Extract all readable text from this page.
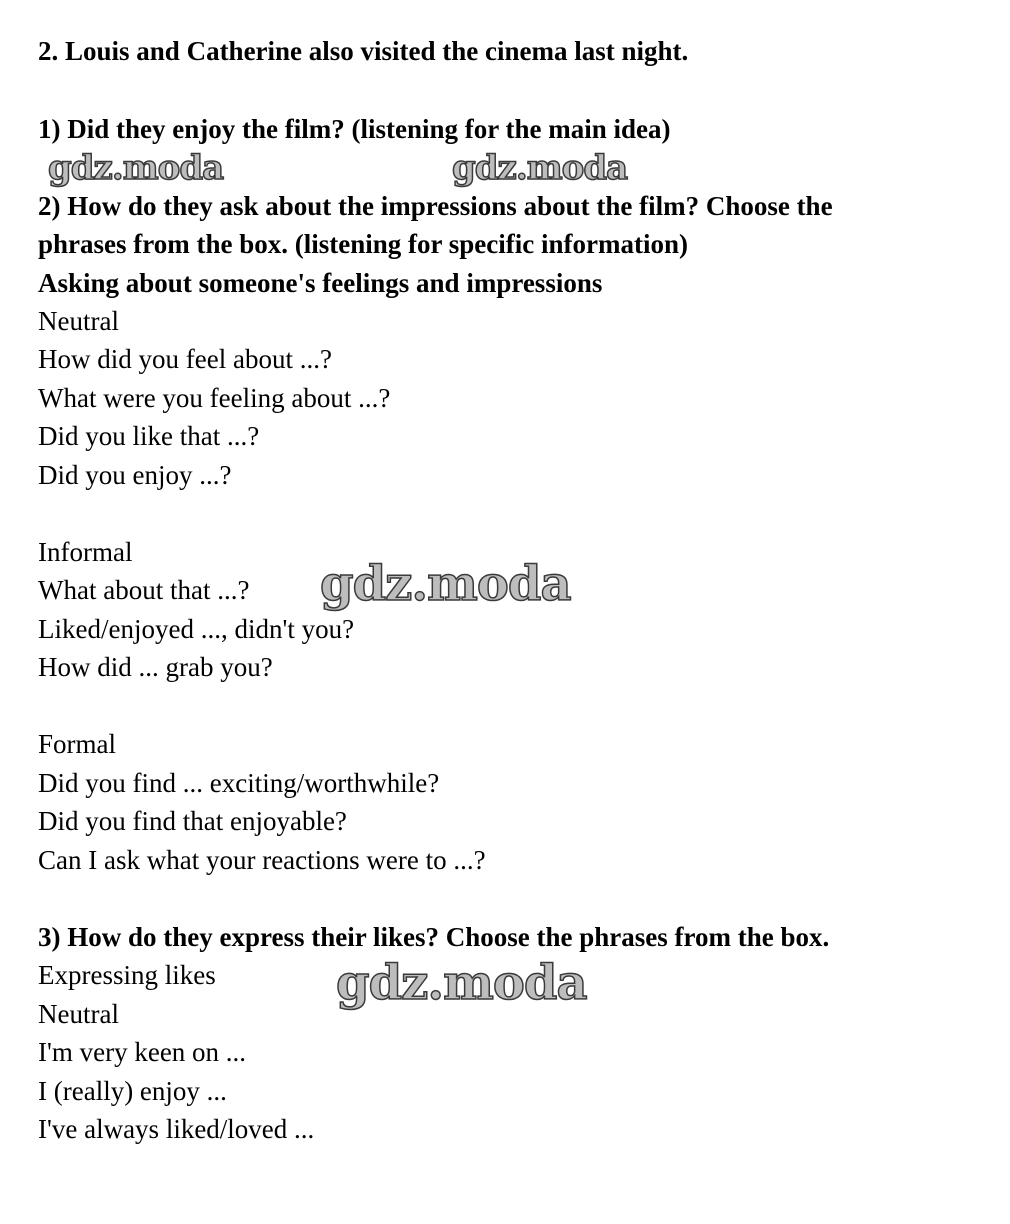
2. Louis and Catherine also visited the cinema last night.
1) Did they enjoy the film? (listening for the main idea)
2) How do they ask about the impressions about the film? Choose the
phrases from the box. (listening for specific information)
Asking about someone's feelings and impressions
Neutral
How did you feel about ...?
What were you feeling about ...?
Did you like that ...?
Did you enjoy ...?
Informal
What about that ...?
Liked/enjoyed ..., didn't you?
How did ... grab you?
Formal
Did you find ... exciting/worthwhile?
Did you find that enjoyable?
Can I ask what your reactions were to ...?
3) How do they express their likes? Choose the phrases from the box.
Expressing likes
Neutral
I'm very keen on ...
I (really) enjoy ...
I've always liked/loved ...
gdz.moda	gdz.moda
gdz.moda
gdz.moda
